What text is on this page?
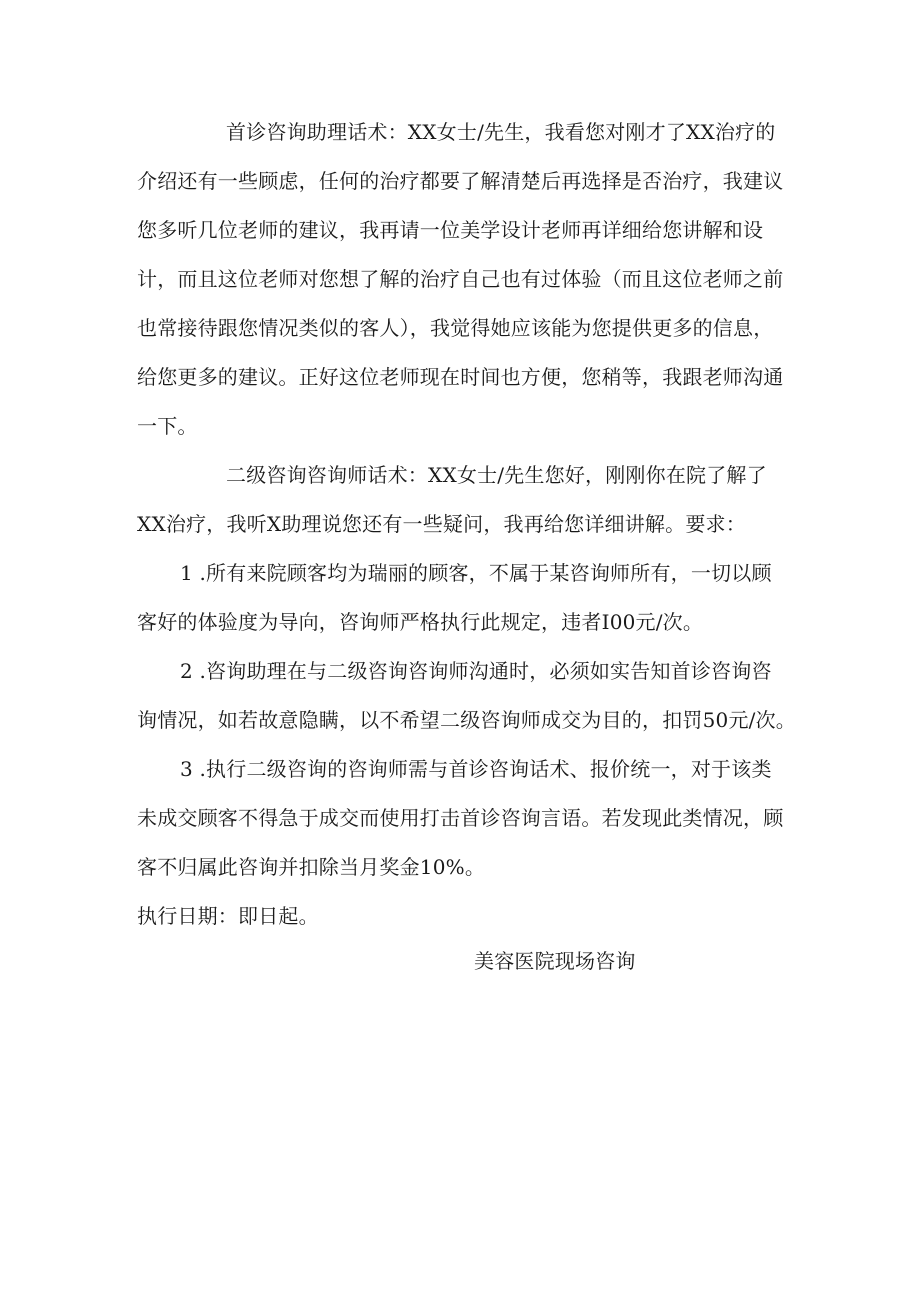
首诊咨询助理话术：XX女士/先生，我看您对刚才了XX治疗的
介绍还有一些顾虑，任何的治疗都要了解清楚后再选择是否治疗，我建议
您多听几位老师的建议，我再请一位美学设计老师再详细给您讲解和设
计，而且这位老师对您想了解的治疗自己也有过体验（而且这位老师之前
也常接待跟您情况类似的客人），我觉得她应该能为您提供更多的信息，
给您更多的建议。正好这位老师现在时间也方便，您稍等，我跟老师沟通
一下。
二级咨询咨询师话术：XX女士/先生您好，刚刚你在院了解了
XX治疗，我听X助理说您还有一些疑问，我再给您详细讲解。要求：
1 .所有来院顾客均为瑞丽的顾客，不属于某咨询师所有，一切以顾
客好的体验度为导向，咨询师严格执行此规定，违者I00元/次。
2 .咨询助理在与二级咨询咨询师沟通时，必须如实告知首诊咨询咨
询情况，如若故意隐瞒，以不希望二级咨询师成交为目的，扣罚50元/次。
3 .执行二级咨询的咨询师需与首诊咨询话术、报价统一，对于该类
未成交顾客不得急于成交而使用打击首诊咨询言语。若发现此类情况，顾
客不归属此咨询并扣除当月奖金10%。
执行日期：即日起。
美容医院现场咨询
